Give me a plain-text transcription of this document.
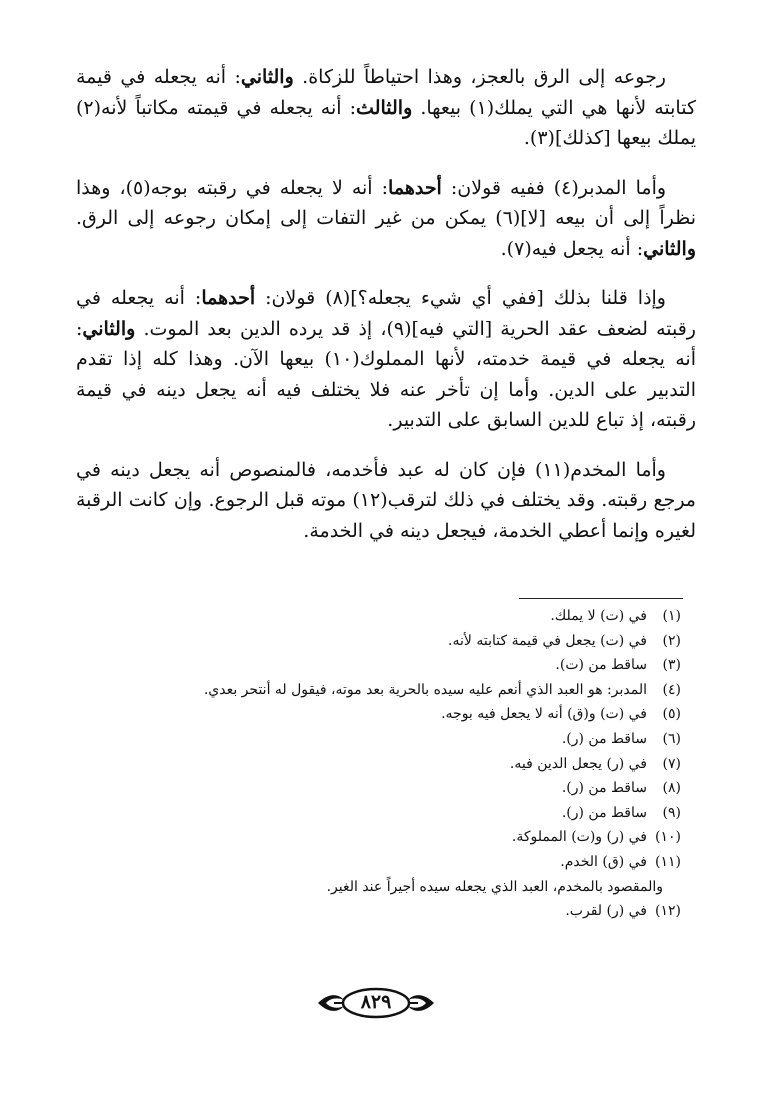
رجوعه إلى الرق بالعجز، وهذا احتياطاً للزكاة. والثاني: أنه يجعله في قيمة كتابته لأنها هي التي يملك(١) بيعها. والثالث: أنه يجعله في قيمته مكاتباً لأنه(٢) يملك بيعها [كذلك](٣).

وأما المدبر(٤) ففيه قولان: أحدهما: أنه لا يجعله في رقبته بوجه(٥)، وهذا نظراً إلى أن بيعه [لا](٦) يمكن من غير التفات إلى إمكان رجوعه إلى الرق. والثاني: أنه يجعل فيه(٧).

وإذا قلنا بذلك [ففي أي شيء يجعله؟](٨) قولان: أحدهما: أنه يجعله في رقبته لضعف عقد الحرية [التي فيه](٩)، إذ قد يرده الدين بعد الموت. والثاني: أنه يجعله في قيمة خدمته، لأنها المملوك(١٠) بيعها الآن. وهذا كله إذا تقدم التدبير على الدين. وأما إن تأخر عنه فلا يختلف فيه أنه يجعل دينه في قيمة رقبته، إذ تباع للدين السابق على التدبير.

وأما المخدم(١١) فإن كان له عبد فأخدمه، فالمنصوص أنه يجعل دينه في مرجع رقبته. وقد يختلف في ذلك لترقب(١٢) موته قبل الرجوع. وإن كانت الرقبة لغيره وإنما أعطي الخدمة، فيجعل دينه في الخدمة.

(١)في (ت) لا يملك.
(٢)في (ت) يجعل في قيمة كتابته لأنه.
(٣)ساقط من (ت).
(٤)المدبر: هو العبد الذي أنعم عليه سيده بالحرية بعد موته، فيقول له أنتحر بعدي.
(٥)في (ت) و(ق) أنه لا يجعل فيه بوجه.
(٦)ساقط من (ر).
(٧)في (ر) يجعل الدين فيه.
(٨)ساقط من (ر).
(٩)ساقط من (ر).
(١٠)في (ر) و(ت) المملوكة.
(١١)في (ق) الخدم.
والمقصود بالمخدم، العبد الذي يجعله سيده أجيراً عند الغير.
(١٢)في (ر) لقرب.
٨٢٩
